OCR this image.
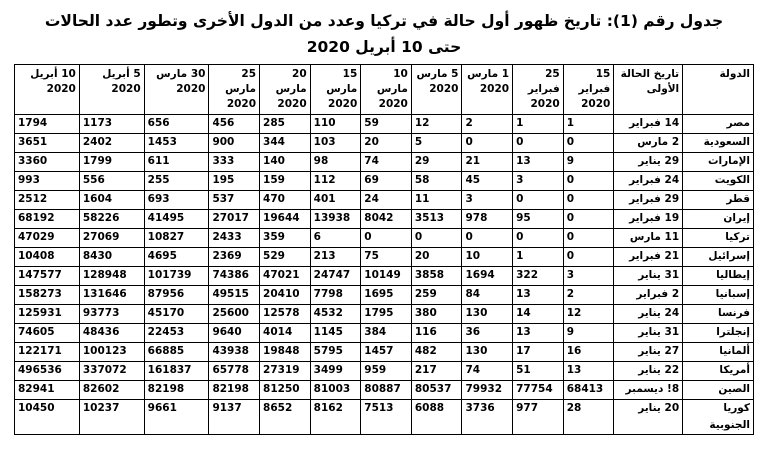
جدول رقم (1): تاريخ ظهور أول حالة في تركيا وعدد من الدول الأخرى وتطور عدد الحالات
حتى 10 أبريل 2020
الدولة	تاريخ الحالة الأولى	15 فبراير 2020	25 فبراير 2020	1 مارس 2020	5 مارس 2020	10 مارس 2020	15 مارس 2020	20 مارس 2020	25 مارس 2020	30 مارس 2020	5 أبريل 2020	10 أبريل 2020
مصر	14 فبراير	1	1	2	12	59	110	285	456	656	1173	1794
السعودية	2 مارس	0	0	0	5	20	103	344	900	1453	2402	3651
الإمارات	29 يناير	9	13	21	29	74	98	140	333	611	1799	3360
الكويت	24 فبراير	0	3	45	58	69	112	159	195	255	556	993
قطر	29 فبراير	0	0	3	11	24	401	470	537	693	1604	2512
إيران	19 فبراير	0	95	978	3513	8042	13938	19644	27017	41495	58226	68192
تركيا	11 مارس	0	0	0	0	0	6	359	2433	10827	27069	47029
إسرائيل	21 فبراير	0	1	10	20	75	213	529	2369	4695	8430	10408
إيطاليا	31 يناير	3	322	1694	3858	10149	24747	47021	74386	101739	128948	147577
إسبانيا	2 فبراير	2	13	84	259	1695	7798	20410	49515	87956	131646	158273
فرنسا	24 يناير	12	14	130	380	1795	4532	12578	25600	45170	93773	125931
إنجلترا	31 يناير	9	13	36	116	384	1145	4014	9640	22453	48436	74605
ألمانيا	27 يناير	16	17	130	482	1457	5795	19848	43938	66885	100123	122171
أمريكا	22 يناير	13	51	74	217	959	3499	27319	65778	161837	337072	496536
الصين	8! ديسمبر	68413	77754	79932	80537	80887	81003	81250	82198	82198	82602	82941
كوريا الجنوبية	20 يناير	28	977	3736	6088	7513	8162	8652	9137	9661	10237	10450
